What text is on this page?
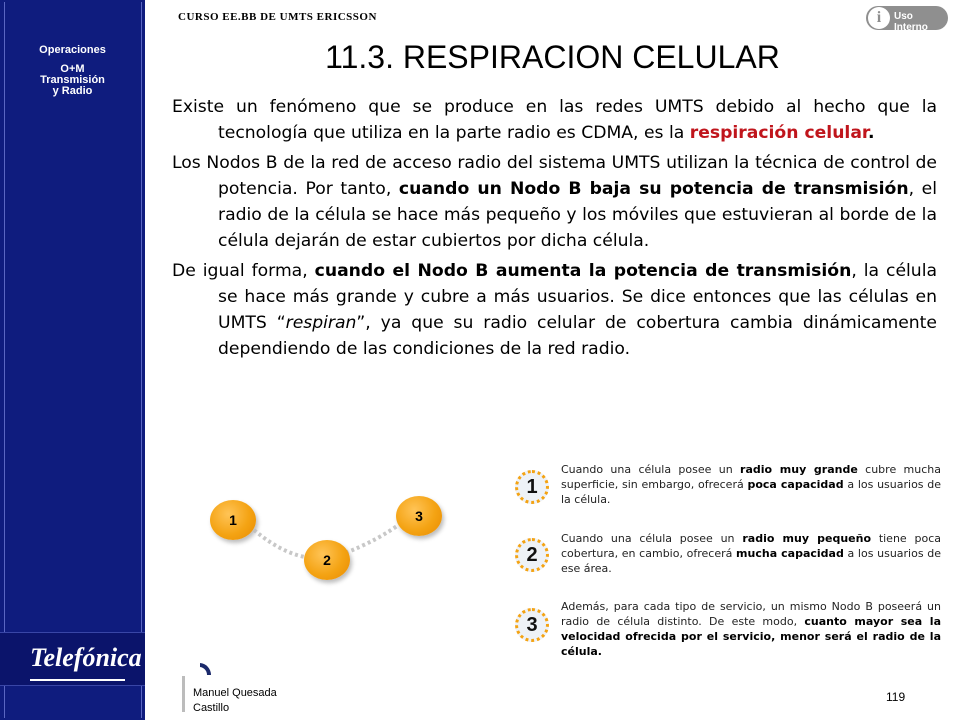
Operaciones
O+M
Transmisión
y Radio
Telefónica
CURSO EE.BB DE UMTS ERICSSON	i	Uso Interno
11.3. RESPIRACION CELULAR

Existe un fenómeno que se produce en las redes UMTS debido al hecho que la tecnología que utiliza en la parte radio es CDMA, es la respiración celular.

Los Nodos B de la red de acceso radio del sistema UMTS utilizan la técnica de control de potencia. Por tanto, cuando un Nodo B baja su potencia de transmisión, el radio de la célula se hace más pequeño y los móviles que estuvieran al borde de la célula dejarán de estar cubiertos por dicha célula.

De igual forma, cuando el Nodo B aumenta la potencia de transmisión, la célula se hace más grande y cubre a más usuarios. Se dice entonces que las células en UMTS “respiran”, ya que su radio celular de cobertura cambia dinámicamente dependiendo de las condiciones de la red radio.

1
2
3
1
Cuando una célula posee un radio muy grande cubre mucha superficie, sin embargo, ofrecerá poca capacidad a los usuarios de la célula.
2
Cuando una célula posee un radio muy pequeño tiene poca cobertura, en cambio, ofrecerá mucha capacidad a los usuarios de ese área.
3
Además, para cada tipo de servicio, un mismo Nodo B poseerá un radio de célula distinto. De este modo, cuanto mayor sea la velocidad ofrecida por el servicio, menor será el radio de la célula.
Manuel Quesada
Castillo
119
